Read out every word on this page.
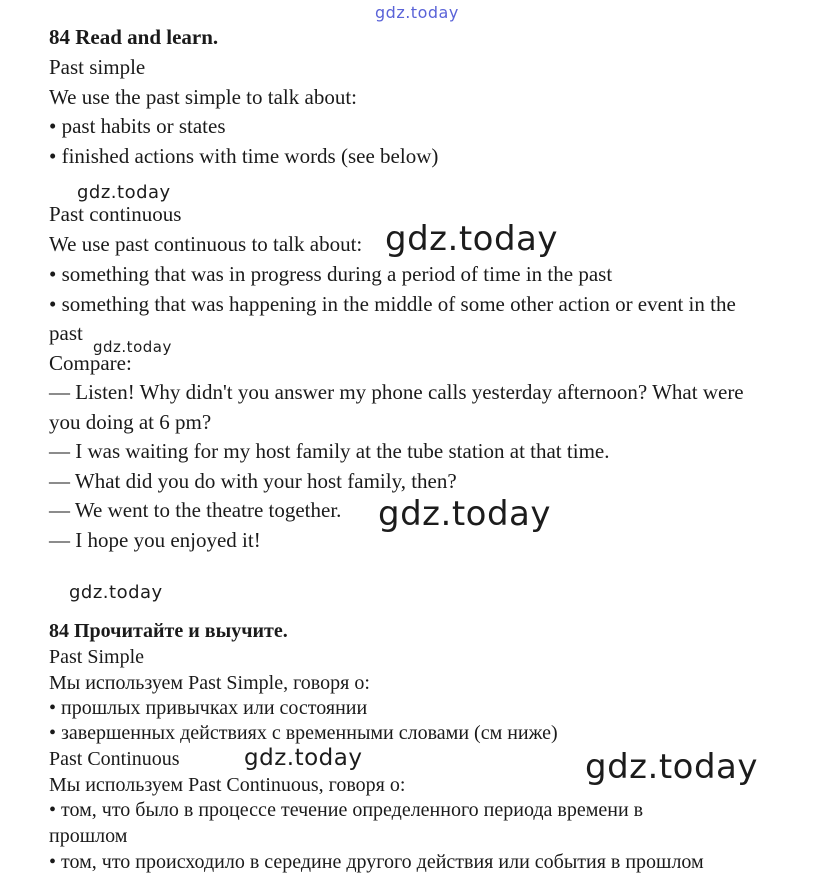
gdz.today
gdz.today
gdz.today
gdz.today
gdz.today
gdz.today
gdz.today	gdz.today
84 Read and learn.
Past simple
We use the past simple to talk about:
• past habits or states
• finished actions with time words (see below)
Past continuous
We use past continuous to talk about:
• something that was in progress during a period of time in the past
• something that was happening in the middle of some other action or event in the
past
Compare:
— Listen! Why didn't you answer my phone calls yesterday afternoon? What were
you doing at 6 pm?
— I was waiting for my host family at the tube station at that time.
— What did you do with your host family, then?
— We went to the theatre together.
— I hope you enjoyed it!
84 Прочитайте и выучите.
Past Simple
Мы используем Past Simple, говоря о:
• прошлых привычках или состоянии
• завершенных действиях с временными словами (см ниже)
Past Continuous
Мы используем Past Continuous, говоря о:
• том, что было в процессе течение определенного периода времени в
прошлом
• том, что происходило в середине другого действия или события в прошлом
